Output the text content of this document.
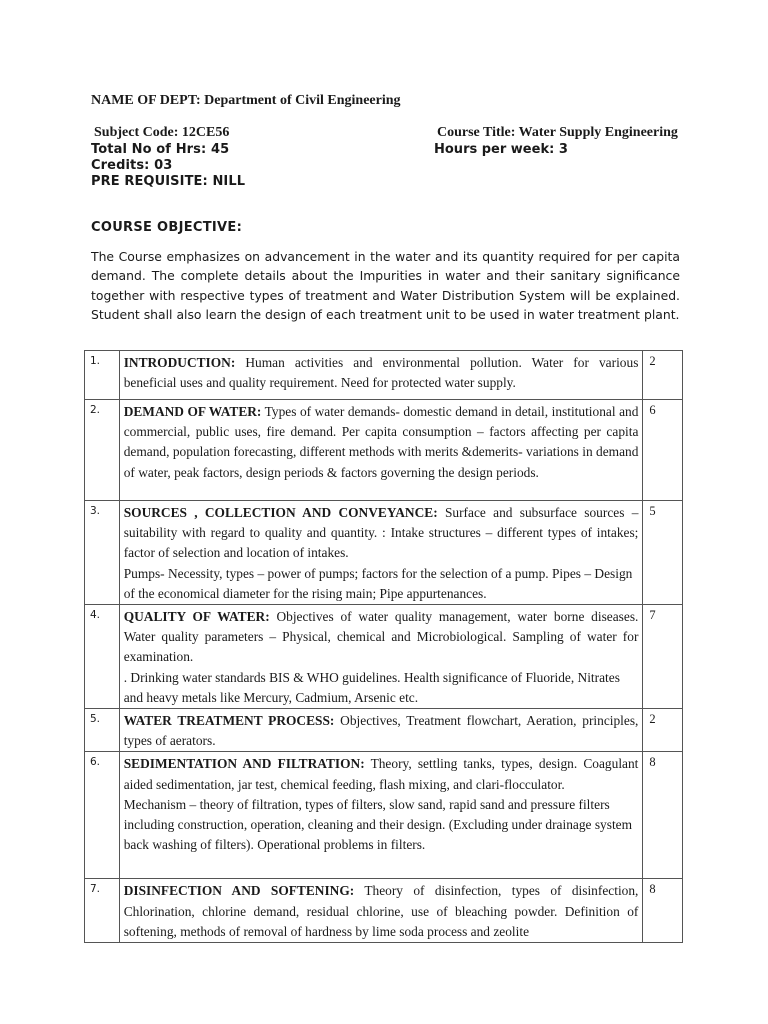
NAME OF DEPT: Department of Civil Engineering
Subject Code: 12CE56	Course Title: Water Supply Engineering
Total No of Hrs: 45	Hours per week: 3
Credits: 03
PRE REQUISITE: NILL
COURSE OBJECTIVE:

The Course emphasizes on advancement in the water and its quantity required for per capita demand. The complete details about the Impurities in water and their sanitary significance together with respective types of treatment and Water Distribution System will be explained. Student shall also learn the design of each treatment unit to be used in water treatment plant.

1.	INTRODUCTION: Human activities and environmental pollution. Water for various beneficial uses and quality requirement. Need for protected water supply.	2
2.	DEMAND OF WATER: Types of water demands- domestic demand in detail, institutional and commercial, public uses, fire demand. Per capita consumption – factors affecting per capita demand, population forecasting, different methods with merits &demerits- variations in demand of water, peak factors, design periods & factors governing the design periods.	6
3.	SOURCES , COLLECTION AND CONVEYANCE: Surface and subsurface sources – suitability with regard to quality and quantity. : Intake structures – different types of intakes; factor of selection and location of intakes.
Pumps- Necessity, types – power of pumps; factors for the selection of a pump. Pipes – Design of the economical diameter for the rising main; Pipe appurtenances.	5
4.	QUALITY OF WATER: Objectives of water quality management, water borne diseases. Water quality parameters – Physical, chemical and Microbiological. Sampling of water for examination.
. Drinking water standards BIS & WHO guidelines. Health significance of Fluoride, Nitrates and heavy metals like Mercury, Cadmium, Arsenic etc.	7
5.	WATER TREATMENT PROCESS: Objectives, Treatment flowchart, Aeration, principles, types of aerators.	2
6.	SEDIMENTATION AND FILTRATION: Theory, settling tanks, types, design. Coagulant aided sedimentation, jar test, chemical feeding, flash mixing, and clari-flocculator.
Mechanism – theory of filtration, types of filters, slow sand, rapid sand and pressure filters including construction, operation, cleaning and their design. (Excluding under drainage system back washing of filters). Operational problems in filters.	8
7.	DISINFECTION AND SOFTENING: Theory of disinfection, types of disinfection, Chlorination, chlorine demand, residual chlorine, use of bleaching powder. Definition of softening, methods of removal of hardness by lime soda process and zeolite	8
